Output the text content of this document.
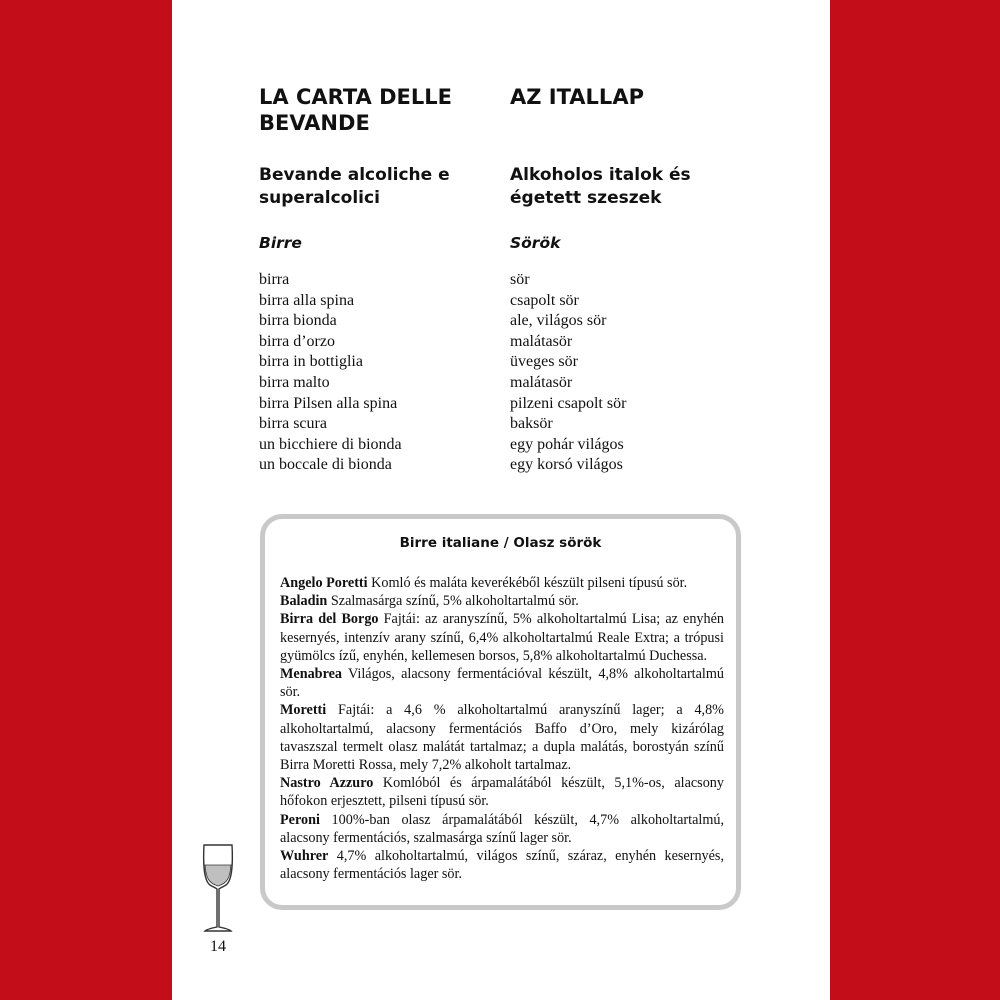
LA CARTA DELLE
BEVANDE
Bevande alcoliche e
superalcolici
Birre
birra
birra alla spina
birra bionda
birra d’orzo
birra in bottiglia
birra malto
birra Pilsen alla spina
birra scura
un bicchiere di bionda
un boccale di bionda
AZ ITALLAP
Alkoholos italok és
égetett szeszek
Sörök
sör
csapolt sör
ale, világos sör
malátasör
üveges sör
malátasör
pilzeni csapolt sör
baksör
egy pohár világos
egy korsó világos
Birre italiane / Olasz sörök

Angelo Poretti Komló és maláta keverékéből készült pilseni típusú sör.

Baladin Szalmasárga színű, 5% alkoholtartalmú sör.

Birra del Borgo Fajtái: az aranyszínű, 5% alkoholtartalmú Lisa; az enyhén kesernyés, intenzív arany színű, 6,4% alkoholtartalmú Reale Extra; a trópusi gyümölcs ízű, enyhén, kellemesen borsos, 5,8% alkoholtartalmú Duchessa.

Menabrea Világos, alacsony fermentációval készült, 4,8% alkoholtartalmú sör.

Moretti Fajtái: a 4,6 % alkoholtartalmú aranyszínű lager; a 4,8% alkoholtartalmú, alacsony fermentációs Baffo d’Oro, mely kizárólag tavaszszal termelt olasz malátát tartalmaz; a dupla malátás, borostyán színű Birra Moretti Rossa, mely 7,2% alkoholt tartalmaz.

Nastro Azzuro Komlóból és árpamalátából készült, 5,1%-os, alacsony hőfokon erjesztett, pilseni típusú sör.

Peroni 100%-ban olasz árpamalátából készült, 4,7% alkoholtartalmú, alacsony fermentációs, szalmasárga színű lager sör.

Wuhrer 4,7% alkoholtartalmú, világos színű, száraz, enyhén kesernyés, alacsony fermentációs lager sör.

14
